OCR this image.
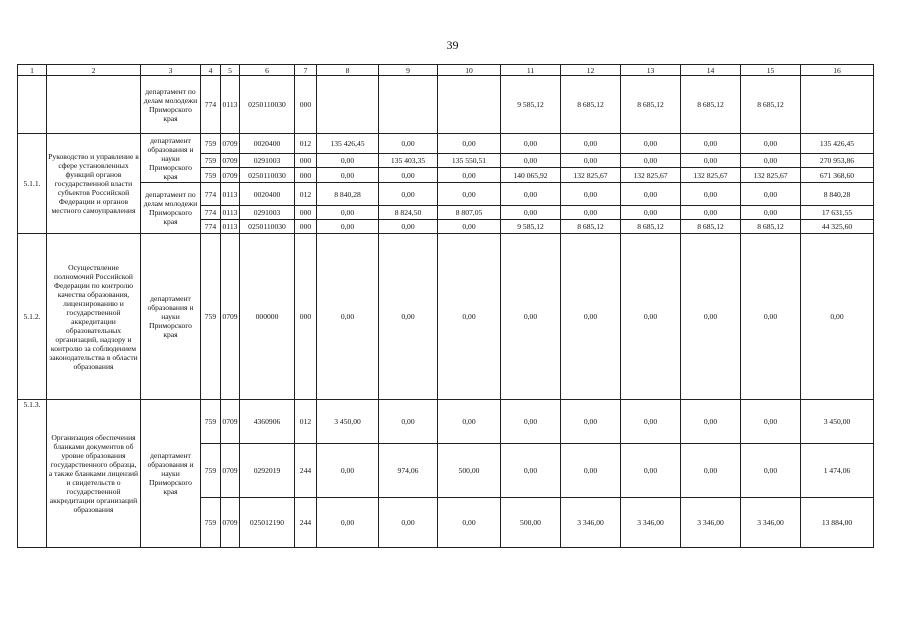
39
1	2	3	4	5	6	7	8	9	10	11	12	13	14	15	16
		департамент по делам молодежи Приморского края	774	0113	0250110030	000				9 585,12	8 685,12	8 685,12	8 685,12	8 685,12	
5.1.1.	Руководство и управление в сфере установленных функций органов государственной власти субъектов Российской Федерации и органов местного самоуправления	департамент образования и науки Приморского края	759	0709	0020400	012	135 426,45	0,00	0,00	0,00	0,00	0,00	0,00	0,00	135 426,45
			759	0709	0291003	000	0,00	135 403,35	135 550,51	0,00	0,00	0,00	0,00	0,00	270 953,86
			759	0709	0250110030	000	0,00	0,00	0,00	140 065,92	132 825,67	132 825,67	132 825,67	132 825,67	671 368,60
		департамент по делам молодежи Приморского края	774	0113	0020400	012	8 840,28	0,00	0,00	0,00	0,00	0,00	0,00	0,00	8 840,28
			774	0113	0291003	000	0,00	8 824,50	8 807,05	0,00	0,00	0,00	0,00	0,00	17 631,55
			774	0113	0250110030	000	0,00	0,00	0,00	9 585,12	8 685,12	8 685,12	8 685,12	8 685,12	44 325,60
5.1.2.	Осуществление полномочий Российской Федерации по контролю качества образования, лицензированию и государственной аккредитации образовательных организаций, надзору и контролю за соблюдением законодательства в области образования	департамент образования и науки Приморского края	759	0709	000000	000	0,00	0,00	0,00	0,00	0,00	0,00	0,00	0,00	0,00
5.1.3.	Организация обеспечения бланками документов об уровне образования государственного образца, а также бланками лицензий и свидетельств о государственной аккредитации организаций образования	департамент образования и науки Приморского края	759	0709	4360906	012	3 450,00	0,00	0,00	0,00	0,00	0,00	0,00	0,00	3 450,00
			759	0709	0292019	244	0,00	974,06	500,00	0,00	0,00	0,00	0,00	0,00	1 474,06
			759	0709	025012190	244	0,00	0,00	0,00	500,00	3 346,00	3 346,00	3 346,00	3 346,00	13 884,00
